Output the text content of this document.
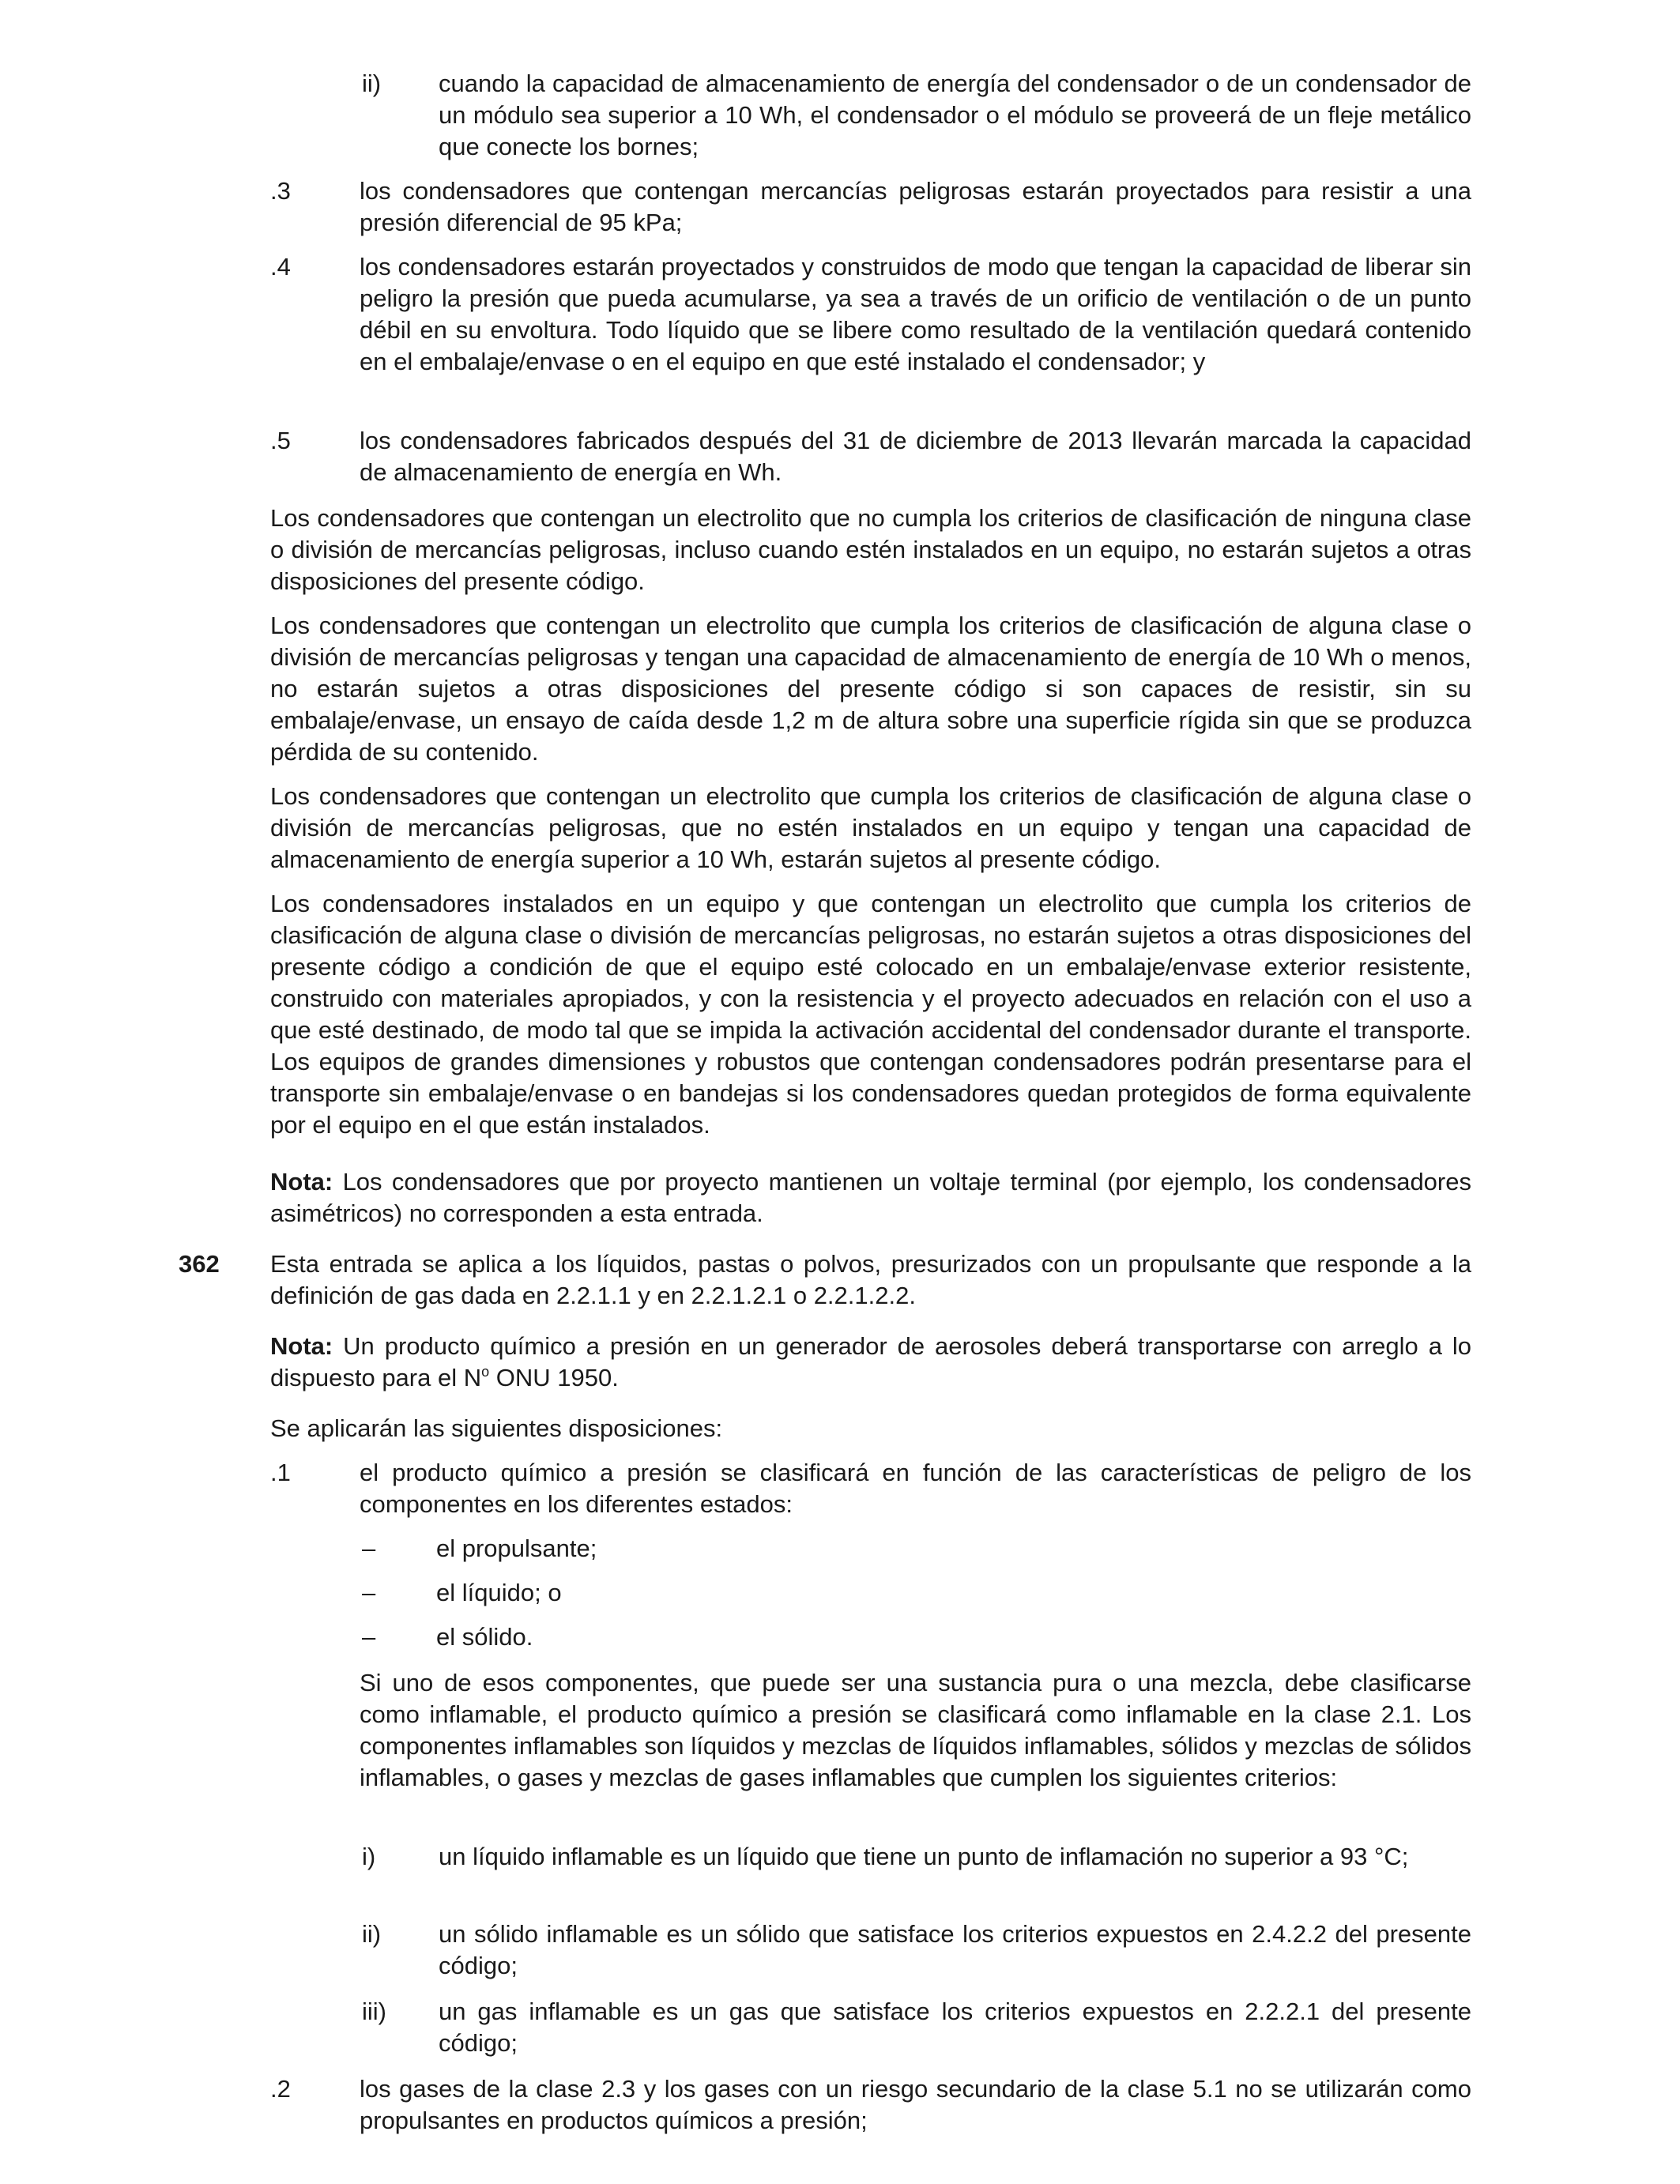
ii) cuando la capacidad de almacenamiento de energía del condensador o de un condensador de un módulo sea superior a 10 Wh, el condensador o el módulo se proveerá de un fleje metálico que conecte los bornes;

.3	los condensadores que contengan mercancías peligrosas estarán proyectados para resistir a una presión diferencial de 95 kPa;

.4	los condensadores estarán proyectados y construidos de modo que tengan la capacidad de liberar sin peligro la presión que pueda acumularse, ya sea a través de un orificio de ventilación o de un punto débil en su envoltura. Todo líquido que se libere como resultado de la ventilación quedará contenido en el embalaje/envase o en el equipo en que esté instalado el condensador; y

.5	los condensadores fabricados después del 31 de diciembre de 2013 llevarán marcada la capacidad de almacenamiento de energía en Wh.

Los condensadores que contengan un electrolito que no cumpla los criterios de clasificación de ninguna clase o división de mercancías peligrosas, incluso cuando estén instalados en un equipo, no estarán sujetos a otras disposiciones del presente código.

Los condensadores que contengan un electrolito que cumpla los criterios de clasificación de alguna clase o división de mercancías peligrosas y tengan una capacidad de almacenamiento de energía de 10 Wh o menos, no estarán sujetos a otras disposiciones del presente código si son capaces de resistir, sin su embalaje/envase, un ensayo de caída desde 1,2 m de altura sobre una superficie rígida sin que se produzca pérdida de su contenido.

Los condensadores que contengan un electrolito que cumpla los criterios de clasificación de alguna clase o división de mercancías peligrosas, que no estén instalados en un equipo y tengan una capacidad de almacenamiento de energía superior a 10 Wh, estarán sujetos al presente código.

Los condensadores instalados en un equipo y que contengan un electrolito que cumpla los criterios de clasificación de alguna clase o división de mercancías peligrosas, no estarán sujetos a otras disposiciones del presente código a condición de que el equipo esté colocado en un embalaje/envase exterior resistente, construido con materiales apropiados, y con la resistencia y el proyecto adecuados en relación con el uso a que esté destinado, de modo tal que se impida la activación accidental del condensador durante el transporte. Los equipos de grandes dimensiones y robustos que contengan condensadores podrán presentarse para el transporte sin embalaje/envase o en bandejas si los condensadores quedan protegidos de forma equivalente por el equipo en el que están instalados.

Nota: Los condensadores que por proyecto mantienen un voltaje terminal (por ejemplo, los condensadores asimétricos) no corresponden a esta entrada.

362 Esta entrada se aplica a los líquidos, pastas o polvos, presurizados con un propulsante que responde a la definición de gas dada en 2.2.1.1 y en 2.2.1.2.1 o 2.2.1.2.2.

Nota: Un producto químico a presión en un generador de aerosoles deberá transportarse con arreglo a lo dispuesto para el $N^o$ ONU 1950.

Se aplicarán las siguientes disposiciones:

.1	el producto químico a presión se clasificará en función de las características de peligro de los componentes en los diferentes estados:

– el propulsante;
– el líquido; o
– el sólido.

Si uno de esos componentes, que puede ser una sustancia pura o una mezcla, debe clasificarse como inflamable, el producto químico a presión se clasificará como inflamable en la clase 2.1. Los componentes inflamables son líquidos y mezclas de líquidos inflamables, sólidos y mezclas de sólidos inflamables, o gases y mezclas de gases inflamables que cumplen los siguientes criterios:

i)	un líquido inflamable es un líquido que tiene un punto de inflamación no superior a 93 °C;

ii) un sólido inflamable es un sólido que satisface los criterios expuestos en 2.4.2.2 del presente código;

iii) un gas inflamable es un gas que satisface los criterios expuestos en 2.2.2.1 del presente código;

.2	los gases de la clase 2.3 y los gases con un riesgo secundario de la clase 5.1 no se utilizarán como propulsantes en productos químicos a presión;
